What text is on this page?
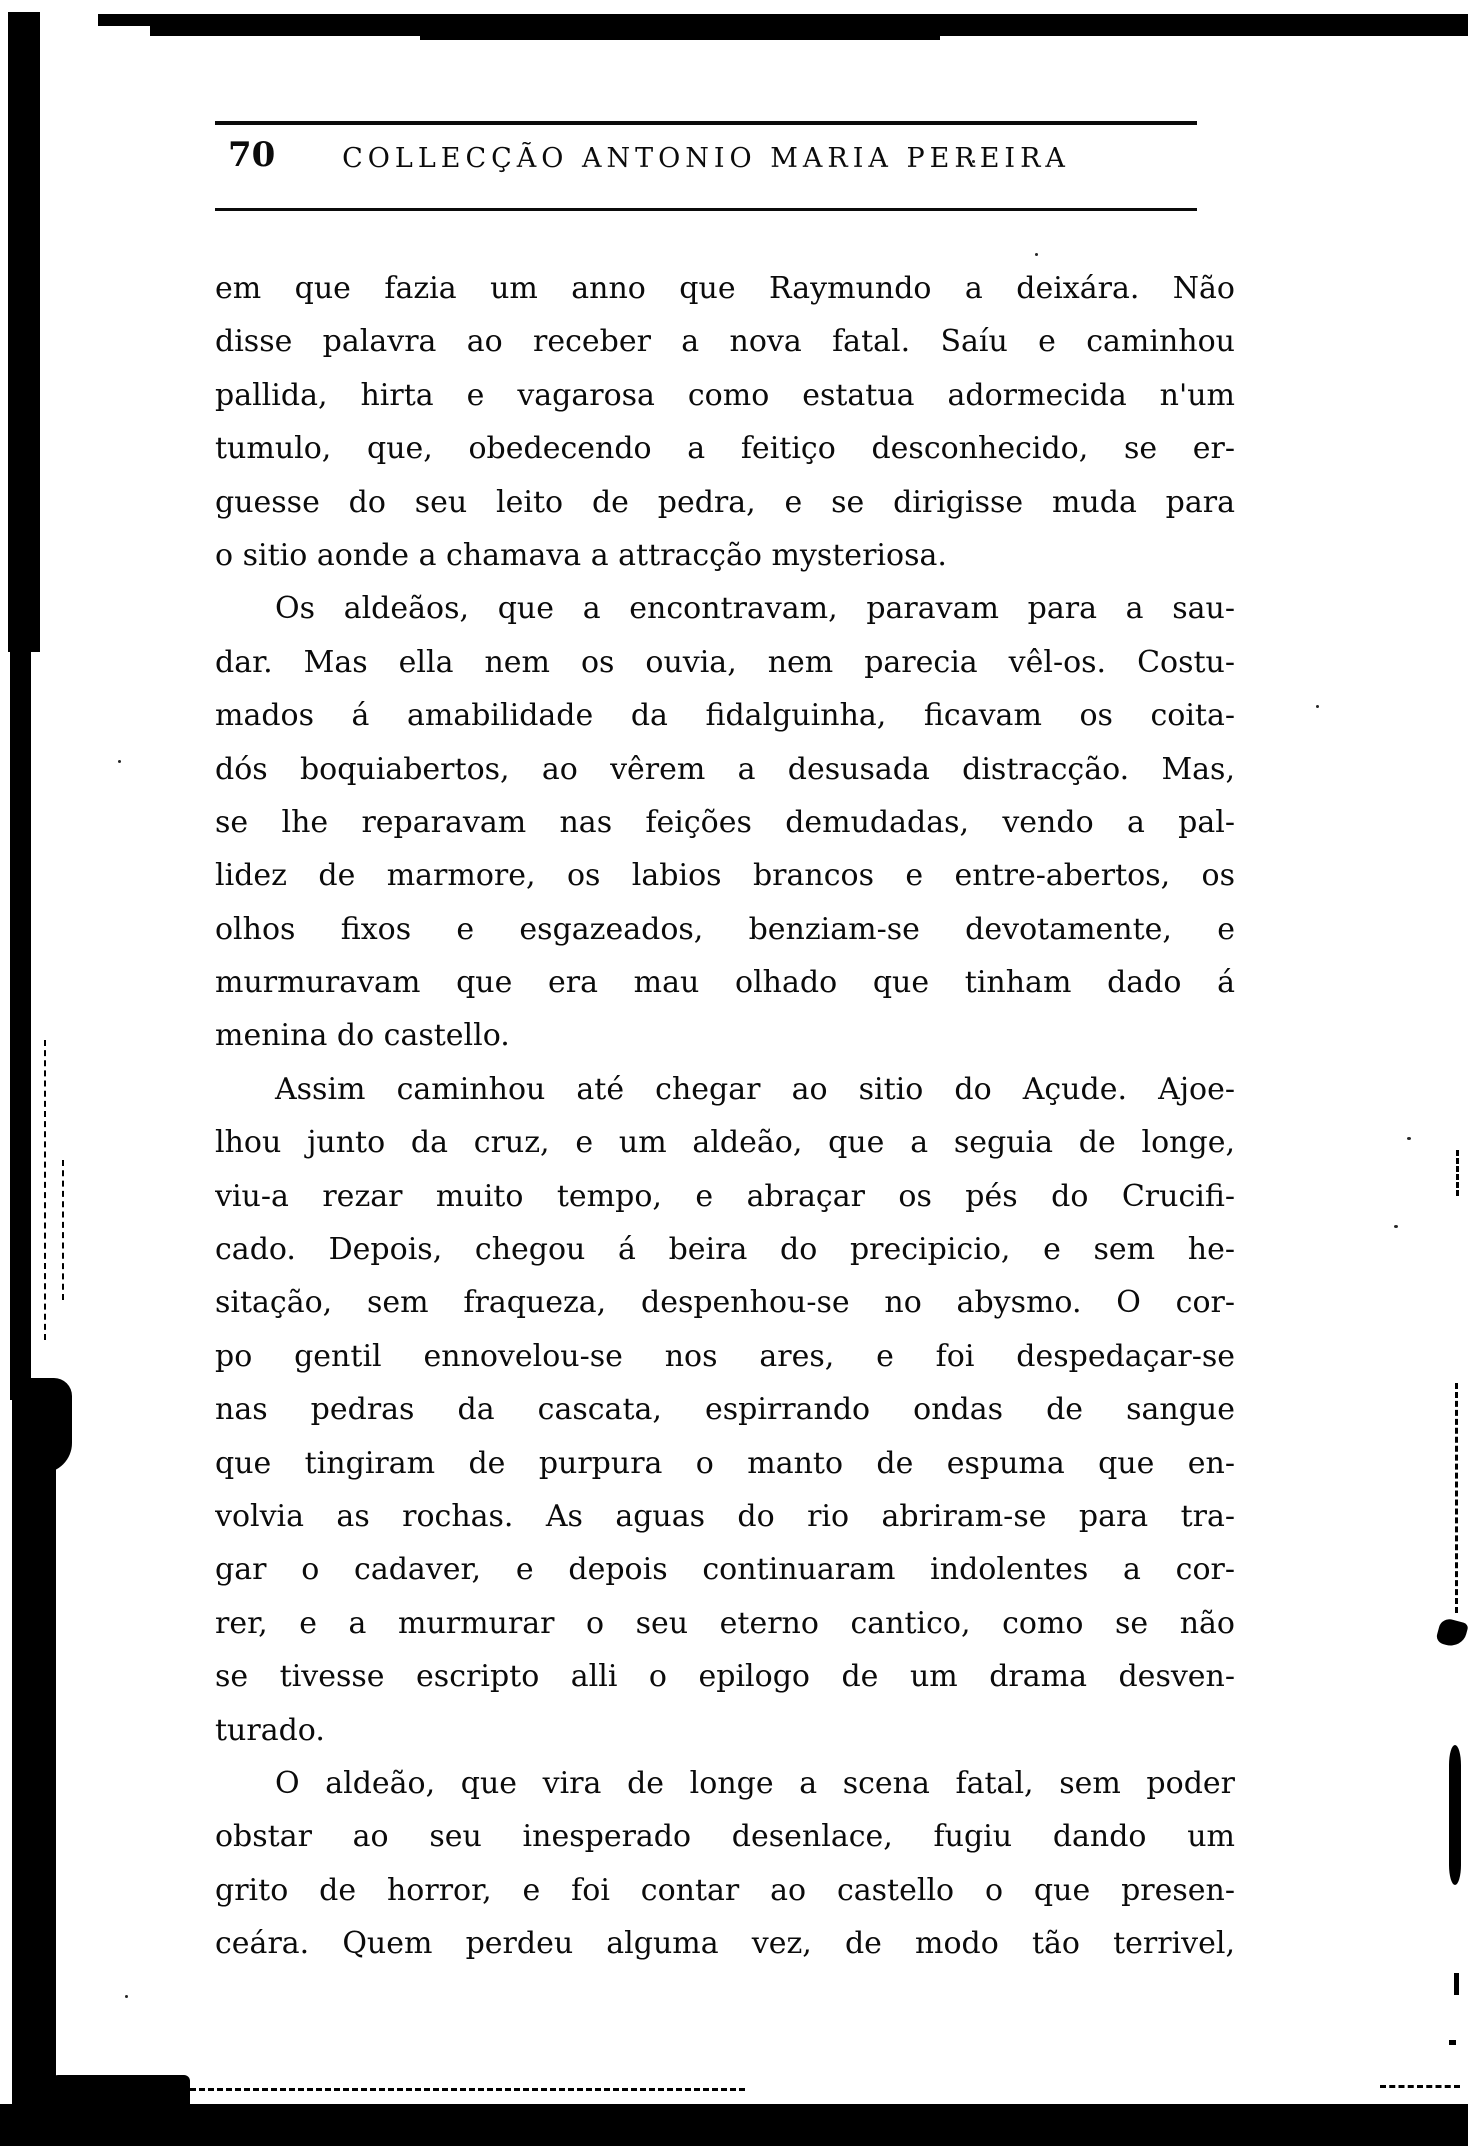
70	COLLECÇÃO ANTONIO MARIA PEREIRA
em que fazia um anno que Raymundo a deixára. Não
disse palavra ao receber a nova fatal. Saíu e caminhou
pallida, hirta e vagarosa como estatua adormecida n'um
tumulo, que, obedecendo a feitiço desconhecido, se er-
guesse do seu leito de pedra, e se dirigisse muda para
o sitio aonde a chamava a attracção mysteriosa.
Os aldeãos, que a encontravam, paravam para a sau-
dar. Mas ella nem os ouvia, nem parecia vêl-os. Costu-
mados á amabilidade da fidalguinha, ficavam os coita-
dós boquiabertos, ao vêrem a desusada distracção. Mas,
se lhe reparavam nas feições demudadas, vendo a pal-
lidez de marmore, os labios brancos e entre-abertos, os
olhos fixos e esgazeados, benziam-se devotamente, e
murmuravam que era mau olhado que tinham dado á
menina do castello.
Assim caminhou até chegar ao sitio do Açude. Ajoe-
lhou junto da cruz, e um aldeão, que a seguia de longe,
viu-a rezar muito tempo, e abraçar os pés do Crucifi-
cado. Depois, chegou á beira do precipicio, e sem he-
sitação, sem fraqueza, despenhou-se no abysmo. O cor-
po gentil ennovelou-se nos ares, e foi despedaçar-se
nas pedras da cascata, espirrando ondas de sangue
que tingiram de purpura o manto de espuma que en-
volvia as rochas. As aguas do rio abriram-se para tra-
gar o cadaver, e depois continuaram indolentes a cor-
rer, e a murmurar o seu eterno cantico, como se não
se tivesse escripto alli o epilogo de um drama desven-
turado.
O aldeão, que vira de longe a scena fatal, sem poder
obstar ao seu inesperado desenlace, fugiu dando um
grito de horror, e foi contar ao castello o que presen-
ceára. Quem perdeu alguma vez, de modo tão terrivel,
